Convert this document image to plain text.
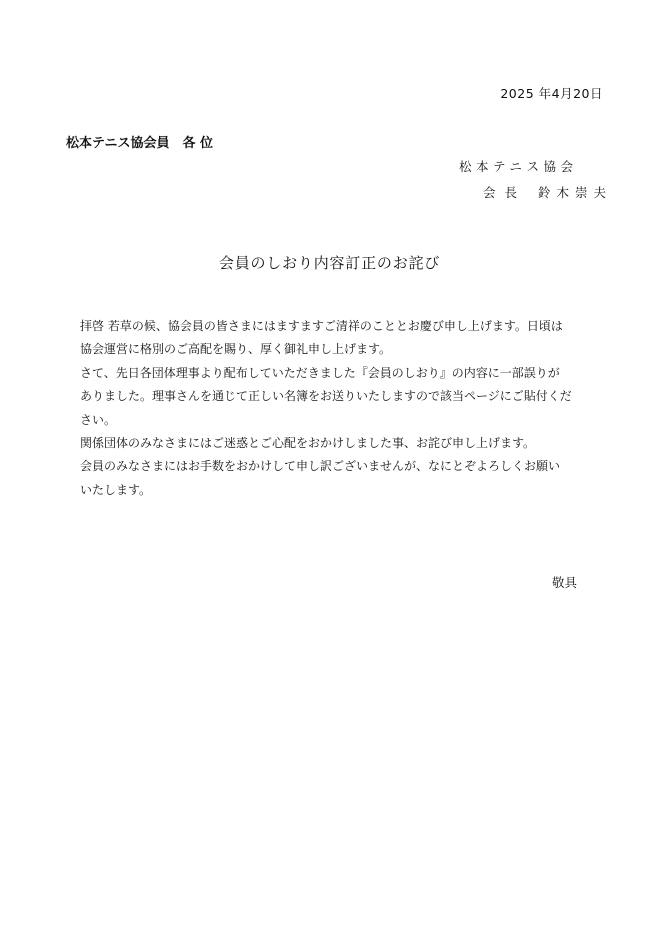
2025 年4月20日
松本テニス協会員　各 位
松本テニス協会
会長 鈴木崇夫
会員のしおり内容訂正のお詫び
拝啓 若草の候、協会員の皆さまにはますますご清祥のこととお慶び申し上げます。日頃は
協会運営に格別のご高配を賜り、厚く御礼申し上げます。
さて、先日各団体理事より配布していただきました『会員のしおり』の内容に一部誤りが
ありました。理事さんを通じて正しい名簿をお送りいたしますので該当ページにご貼付くだ
さい。
関係団体のみなさまにはご迷惑とご心配をおかけしました事、お詫び申し上げます。
会員のみなさまにはお手数をおかけして申し訳ございませんが、なにとぞよろしくお願い
いたします。
敬具
